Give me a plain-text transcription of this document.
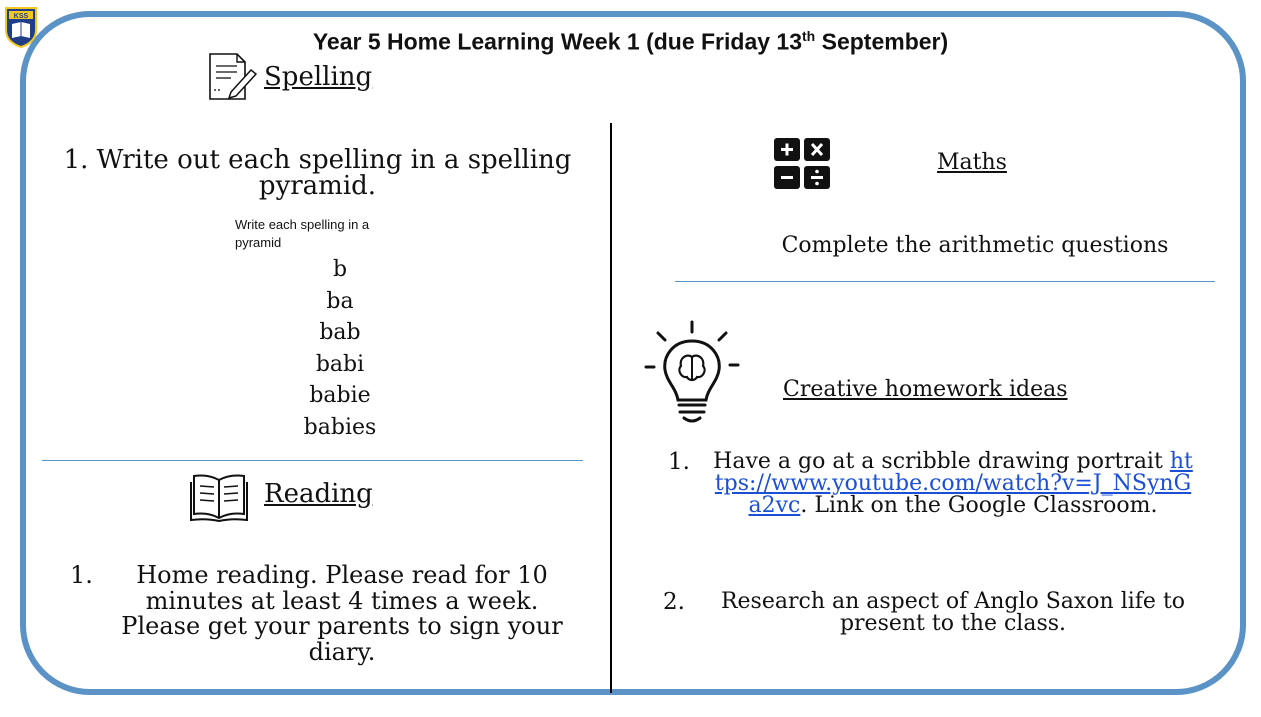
KSS
Year 5 Home Learning Week 1 (due Friday 13th September)
Spelling
1. Write out each spelling in a spelling pyramid.
Write each spelling in a pyramid
b
ba
bab
babi
babie
babies
Reading
1.	Home reading. Please read for 10 minutes at least 4 times a week. Please get your parents to sign your diary.
Maths
Complete the arithmetic questions
Creative homework ideas
1. Have a go at a scribble drawing portrait https://www.youtube.com/watch?v=J_NSynGa2vc. Link on the Google Classroom.
2.	Research an aspect of Anglo Saxon life to present to the class.
